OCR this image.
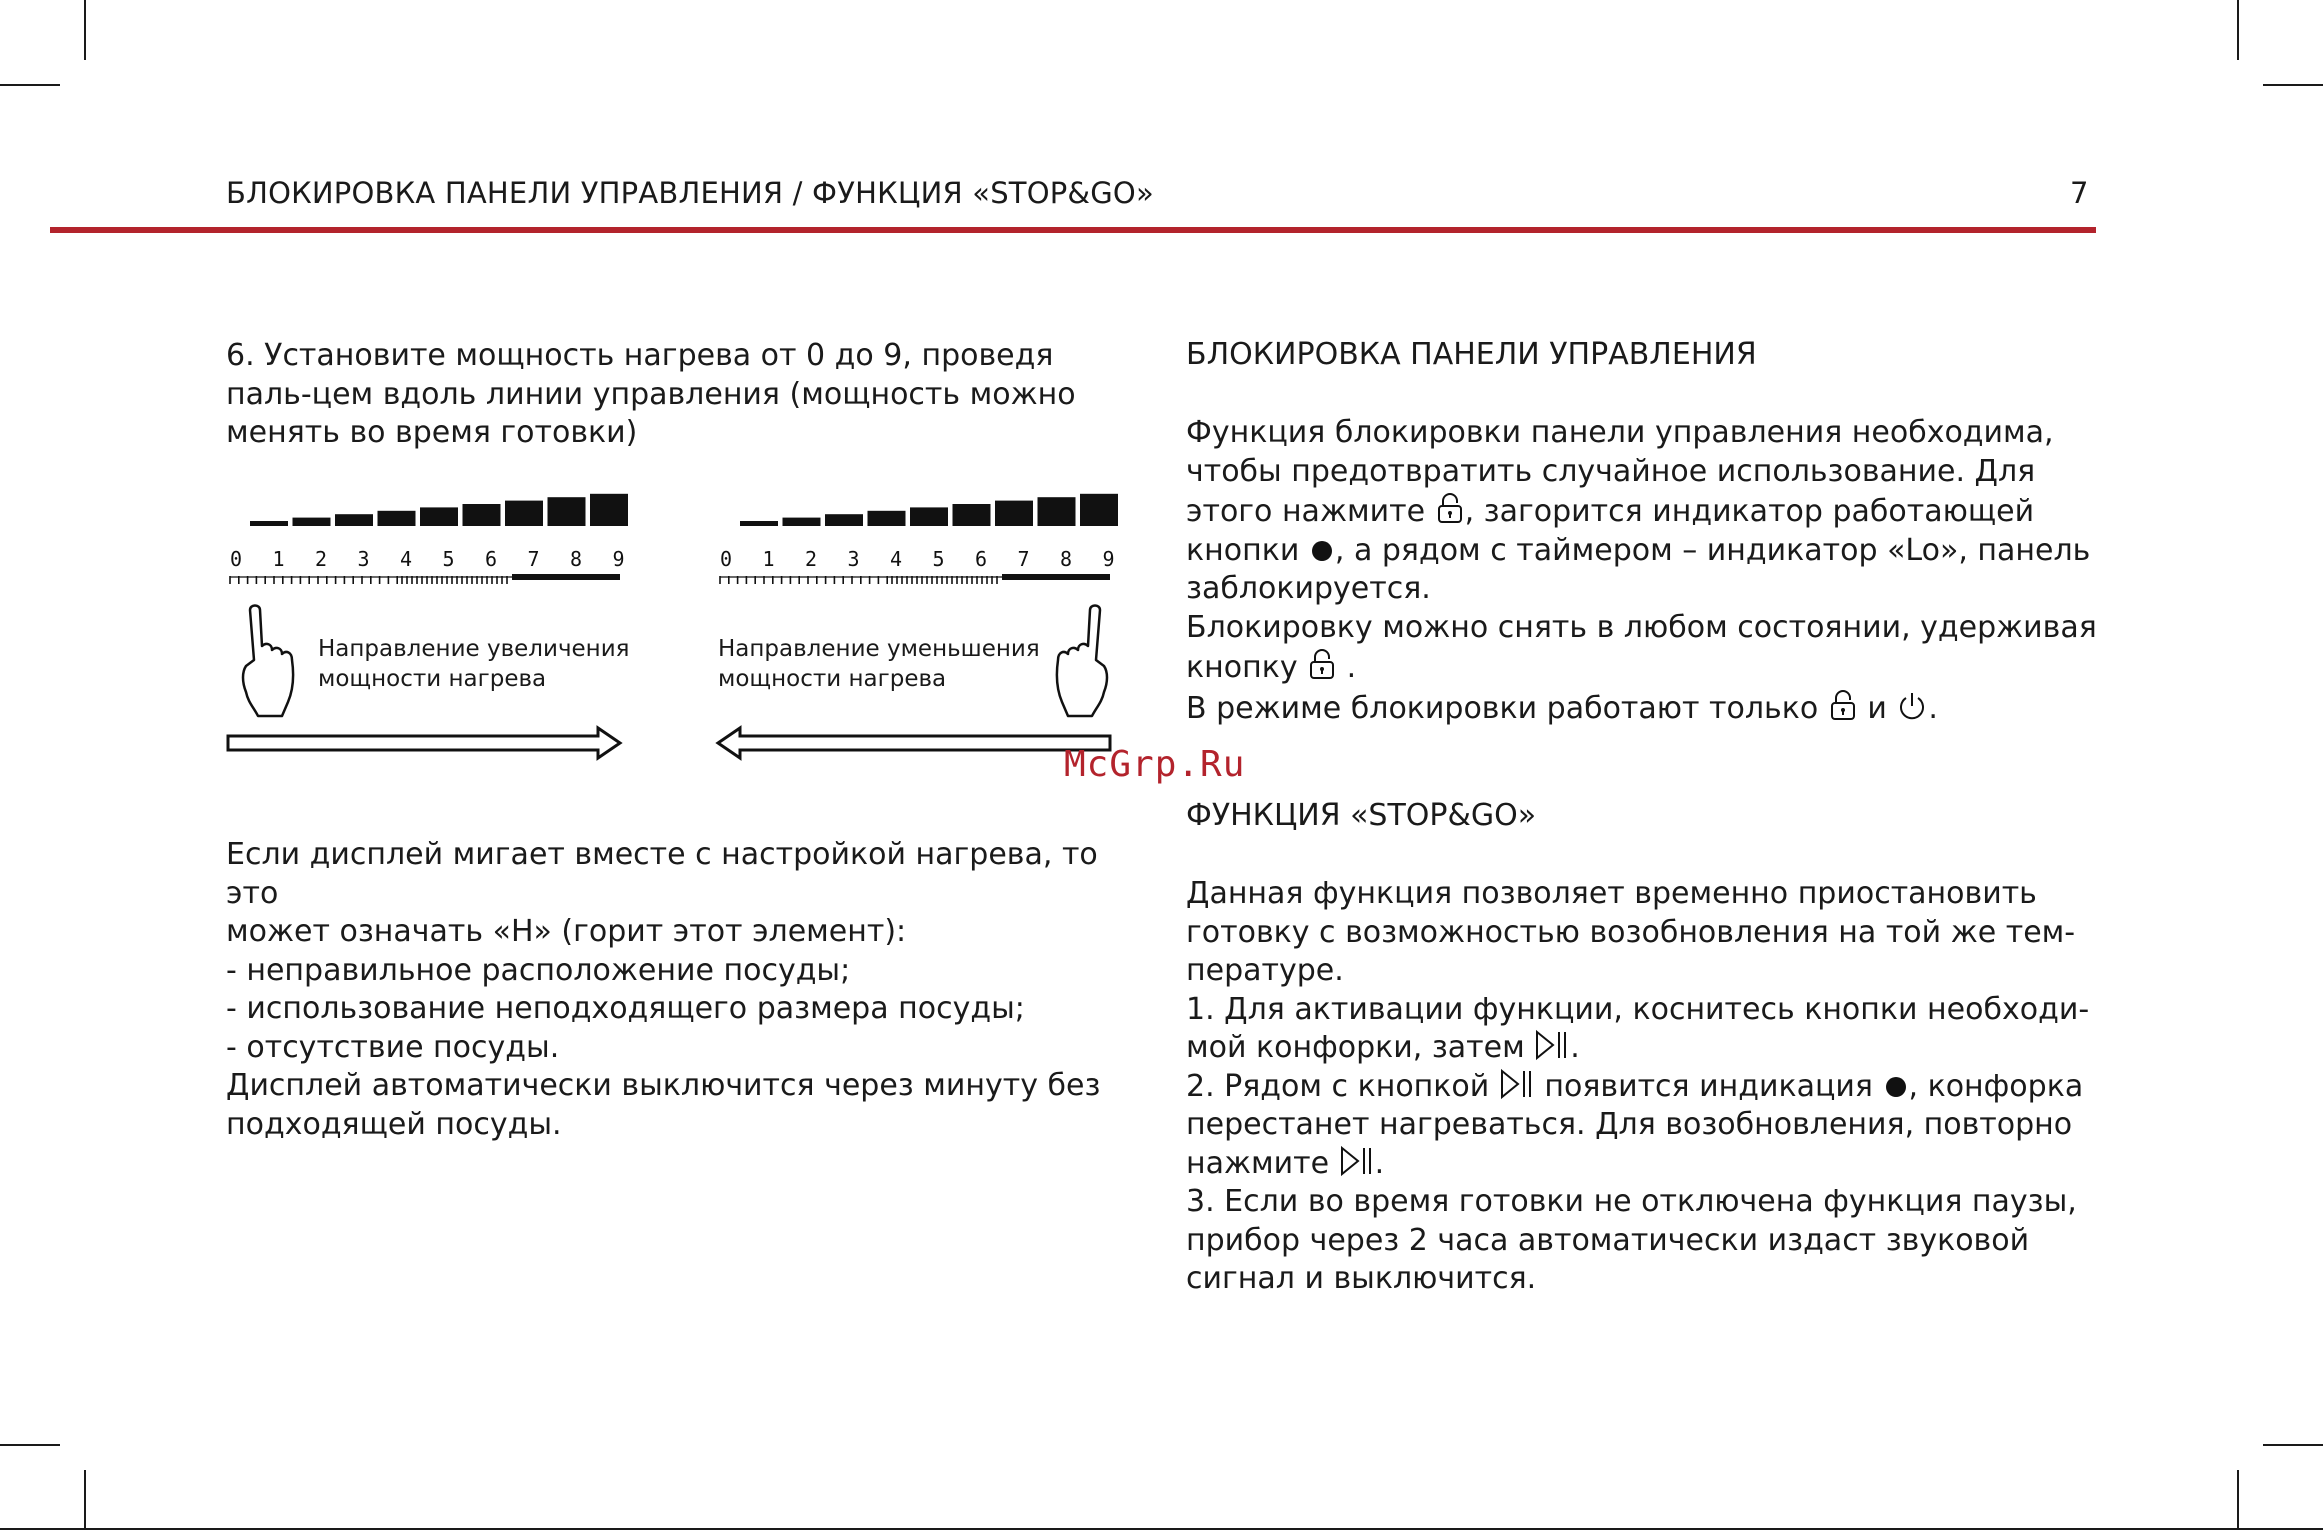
БЛОКИРОВКА ПАНЕЛИ УПРАВЛЕНИЯ / ФУНКЦИЯ «STOP&GO»	7
6. Установите мощность нагрева от 0 до 9, проведя паль-цем вдоль линии управления (мощность можно менять во время готовки)
0 1 2 3 4 5 6 7 8 9	0 1 2 3 4 5 6 7 8 9
Направление увеличения
мощности нагрева
Направление уменьшения
мощности нагрева

Если дисплей мигает вместе с настройкой нагрева, то это

может означать «H» (горит этот элемент):

- неправильное расположение посуды;

- использование неподходящего размера посуды;

- отсутствие посуды.

Дисплей автоматически выключится через минуту без

подходящей посуды.

БЛОКИРОВКА ПАНЕЛИ УПРАВЛЕНИЯ

Функция блокировки панели управления необходима, чтобы предотвратить случайное использование. Для этого нажмите , загорится индикатор работающей кнопки , а рядом с таймером – индикатор «Lo», панель заблокируется.

Блокировку можно снять в любом состоянии, удерживая кнопку .

В режиме блокировки работают только и .

McGrp.Ru
ФУНКЦИЯ «STOP&GO»

Данная функция позволяет временно приостановить готовку с возможностью возобновления на той же тем-пературе.

1. Для активации функции, коснитесь кнопки необходи-мой конфорки, затем .

2. Рядом с кнопкой появится индикация , конфорка перестанет нагреваться. Для возобновления, повторно нажмите .

3. Если во время готовки не отключена функция паузы, прибор через 2 часа автоматически издаст звуковой сигнал и выключится.
